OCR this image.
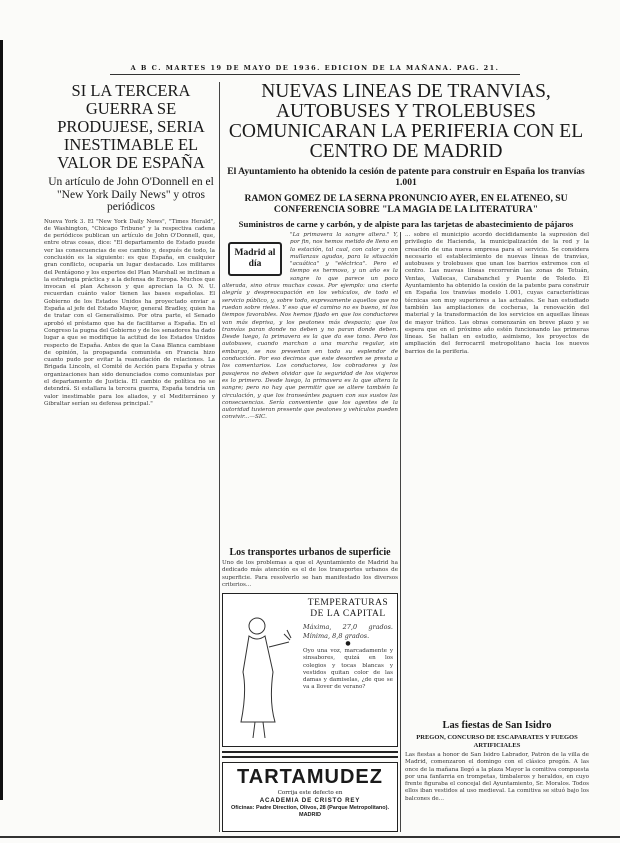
A B C. MARTES 19 DE MAYO DE 1936. EDICION DE LA MAÑANA. PAG. 21.
SI LA TERCERA GUERRA SE PRODUJESE, SERIA INESTIMABLE EL VALOR DE ESPAÑA
Un artículo de John O'Donnell en el "New York Daily News" y otros periódicos
Nueva York 3. El "New York Daily News", "Times Herald", de Washington, "Chicago Tribune" y la respectiva cadena de periódicos publican un artículo de John O'Donnell, que, entre otras cosas, dice: "El departamento de Estado puede ver las consecuencias de ese cambio y, después de todo, la conclusión es la siguiente: es que España, en cualquier gran conflicto, ocuparía un lugar destacado. Los militares del Pentágono y los expertos del Plan Marshall se inclinan a la estrategia práctica y a la defensa de Europa. Muchos que invocan el plan Acheson y que aprecian la O. N. U. recuerdan cuánto valor tienen las bases españolas. El Gobierno de los Estados Unidos ha proyectado enviar a España al jefe del Estado Mayor, general Bradley, quien ha de tratar con el Generalísimo. Por otra parte, el Senado aprobó el préstamo que ha de facilitarse a España. En el Congreso la pugna del Gobierno y de los senadores ha dado lugar a que se modifique la actitud de los Estados Unidos respecto de España. Antes de que la Casa Blanca cambiase de opinión, la propaganda comunista en Francia hizo cuanto pudo por evitar la reanudación de relaciones. La Brigada Lincoln, el Comité de Acción para España y otras organizaciones han sido denunciados como comunistas por el departamento de Justicia. El cambio de política no se detendrá. Si estallara la tercera guerra, España tendría un valor inestimable para los aliados, y el Mediterráneo y Gibraltar serían su defensa principal."
NUEVAS LINEAS DE TRANVIAS, AUTOBUSES Y TROLEBUSES COMUNICARAN LA PERIFERIA CON EL CENTRO DE MADRID
El Ayuntamiento ha obtenido la cesión de patente para construir en España los tranvías 1.001
RAMON GOMEZ DE LA SERNA PRONUNCIO AYER, EN EL ATENEO, SU CONFERENCIA SOBRE "LA MAGIA DE LA LITERATURA"
Suministros de carne y carbón, y de alpiste para las tarjetas de abastecimiento de pájaros
Madrid al día
"La primavera la sangre altera." Y, por fin, nos hemos metido de lleno en la estación, tal cual, con calor y con mullanzas agudas, para la situación "acuática" y "eléctrica". Pero el tiempo es hermoso, y un año es la sangre lo que parece un poco alterada, sino otras muchas cosas. Por ejemplo: una cierta alegría y despreocupación en los vehículos, de todo el servicio público, y, sobre todo, expresamente aquellos que no ruedan sobre rieles. Y eso que el camino no es bueno, ni los tiempos favorables. Nos hemos fijado en que los conductores van más deprisa, y los peatones más despacio; que los tranvías paran donde no deben y no paran donde deben. Desde luego, la primavera es la que da ese tono. Pero los autobuses, cuando marchan a una marcha regular, sin embargo, se nos presentan en todo su esplendor de conducción. Por eso decimos que este desorden se presta a los comentarios. Los conductores, los cobradores y los pasajeros no deben olvidar que la seguridad de los viajeros es lo primero. Desde luego, la primavera es la que altera la sangre; pero no hay que permitir que se altere también la circulación, y que los transeúntes paguen con sus sustos las consecuencias. Sería conveniente que los agentes de la autoridad tuvieran presente que peatones y vehículos pueden convivir...—SIC.
Los transportes urbanos de superficie
Uno de los problemas a que el Ayuntamiento de Madrid ha dedicado más atención es el de los transportes urbanos de superficie. Para resolverlo se han manifestado los diversos criterios...
TEMPERATURAS DE LA CAPITAL
Máxima, 27,0 grados. Mínima, 8,8 grados.
●
Oyo una voz, marcadamente y sinsabores, quizá en los colegios y tocas blancas y vestidos quitan color de las damas y damiselas, ¿de que se va a llover de verano?
TARTAMUDEZ
Corrija este defecto en
ACADEMIA DE CRISTO REY
Oficinas: Padre Direction, Olivos, 28 (Parque Metropolitano). MADRID
... sobre el municipio acordó decididamente la supresión del privilegio de Hacienda, la municipalización de la red y la creación de una nueva empresa para el servicio. Se considera necesario el establecimiento de nuevas líneas de tranvías, autobuses y trolebuses que unan los barrios extremos con el centro. Las nuevas líneas recorrerán las zonas de Tetuán, Ventas, Vallecas, Carabanchel y Puente de Toledo. El Ayuntamiento ha obtenido la cesión de la patente para construir en España los tranvías modelo 1.001, cuyas características técnicas son muy superiores a las actuales. Se han estudiado también las ampliaciones de cocheras, la renovación del material y la transformación de los servicios en aquellas líneas de mayor tráfico. Las obras comenzarán en breve plazo y se espera que en el próximo año estén funcionando las primeras líneas. Se hallan en estudio, asimismo, los proyectos de ampliación del ferrocarril metropolitano hacia los nuevos barrios de la periferia.
Las fiestas de San Isidro
PREGON, CONCURSO DE ESCAPARATES Y FUEGOS ARTIFICIALES
Las fiestas a honor de San Isidro Labrador, Patrón de la villa de Madrid, comenzaron el domingo con el clásico pregón. A las once de la mañana llegó a la plaza Mayor la comitiva compuesta por una fanfarria en trompetas, timbaleros y heraldos, en cuyo frente figuraba el concejal del Ayuntamiento, Sr. Moralos. Todos ellos iban vestidos al uso medieval. La comitiva se situó bajo los balcones de...
